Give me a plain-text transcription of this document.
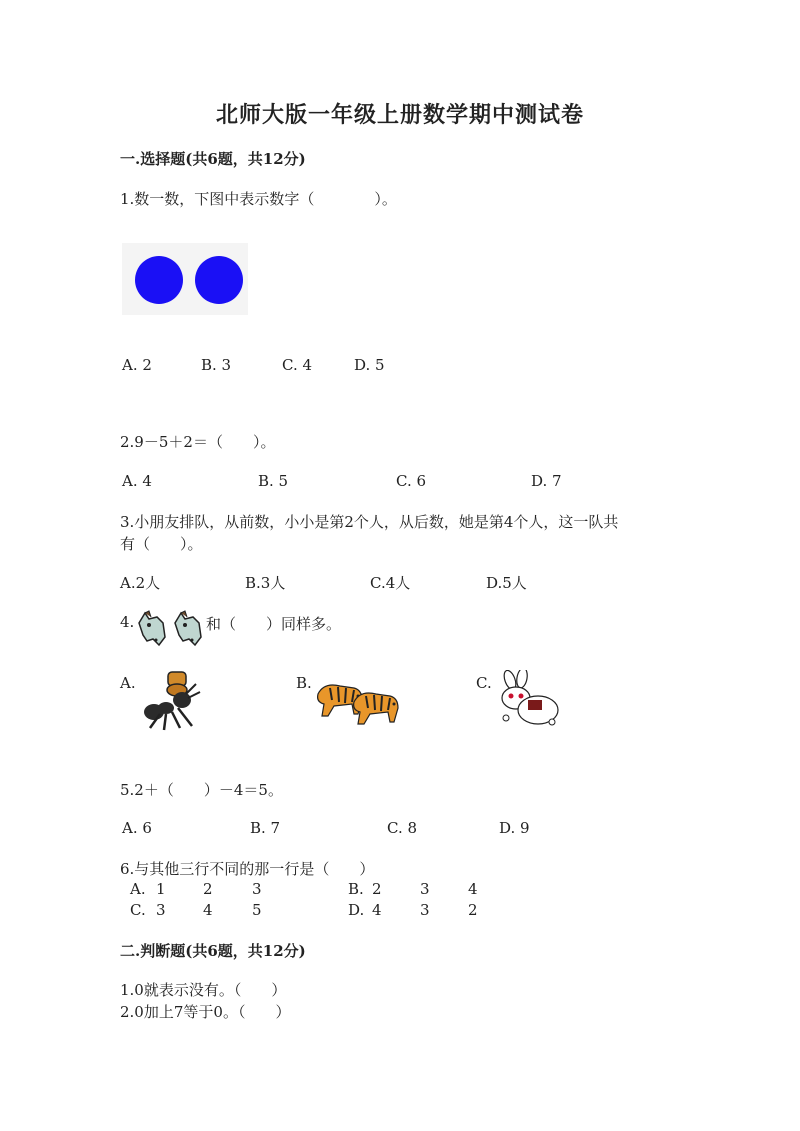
北师大版一年级上册数学期中测试卷
一.选择题(共6题，共12分)
1.数一数，下图中表示数字（　　　　）。
A. 2	B. 3	C. 4	D. 5
2.9－5＋2＝（　　）。
A. 4	B. 5	C. 6	D. 7
3.小朋友排队，从前数，小小是第2个人，从后数，她是第4个人，这一队共
有（　　）。
A.2人	B.3人	C.4人	D.5人
4.	和（　　）同样多。
A.	B.	C.
5.2＋（　　）－4＝5。
A. 6	B. 7	C. 8	D. 9
6.与其他三行不同的那一行是（　　）
A. 1 2	3	B. 2	3	4
C. 3 4	5	D. 4	3	2
二.判断题(共6题，共12分)
1.0就表示没有。（　　）
2.0加上7等于0。（　　）
